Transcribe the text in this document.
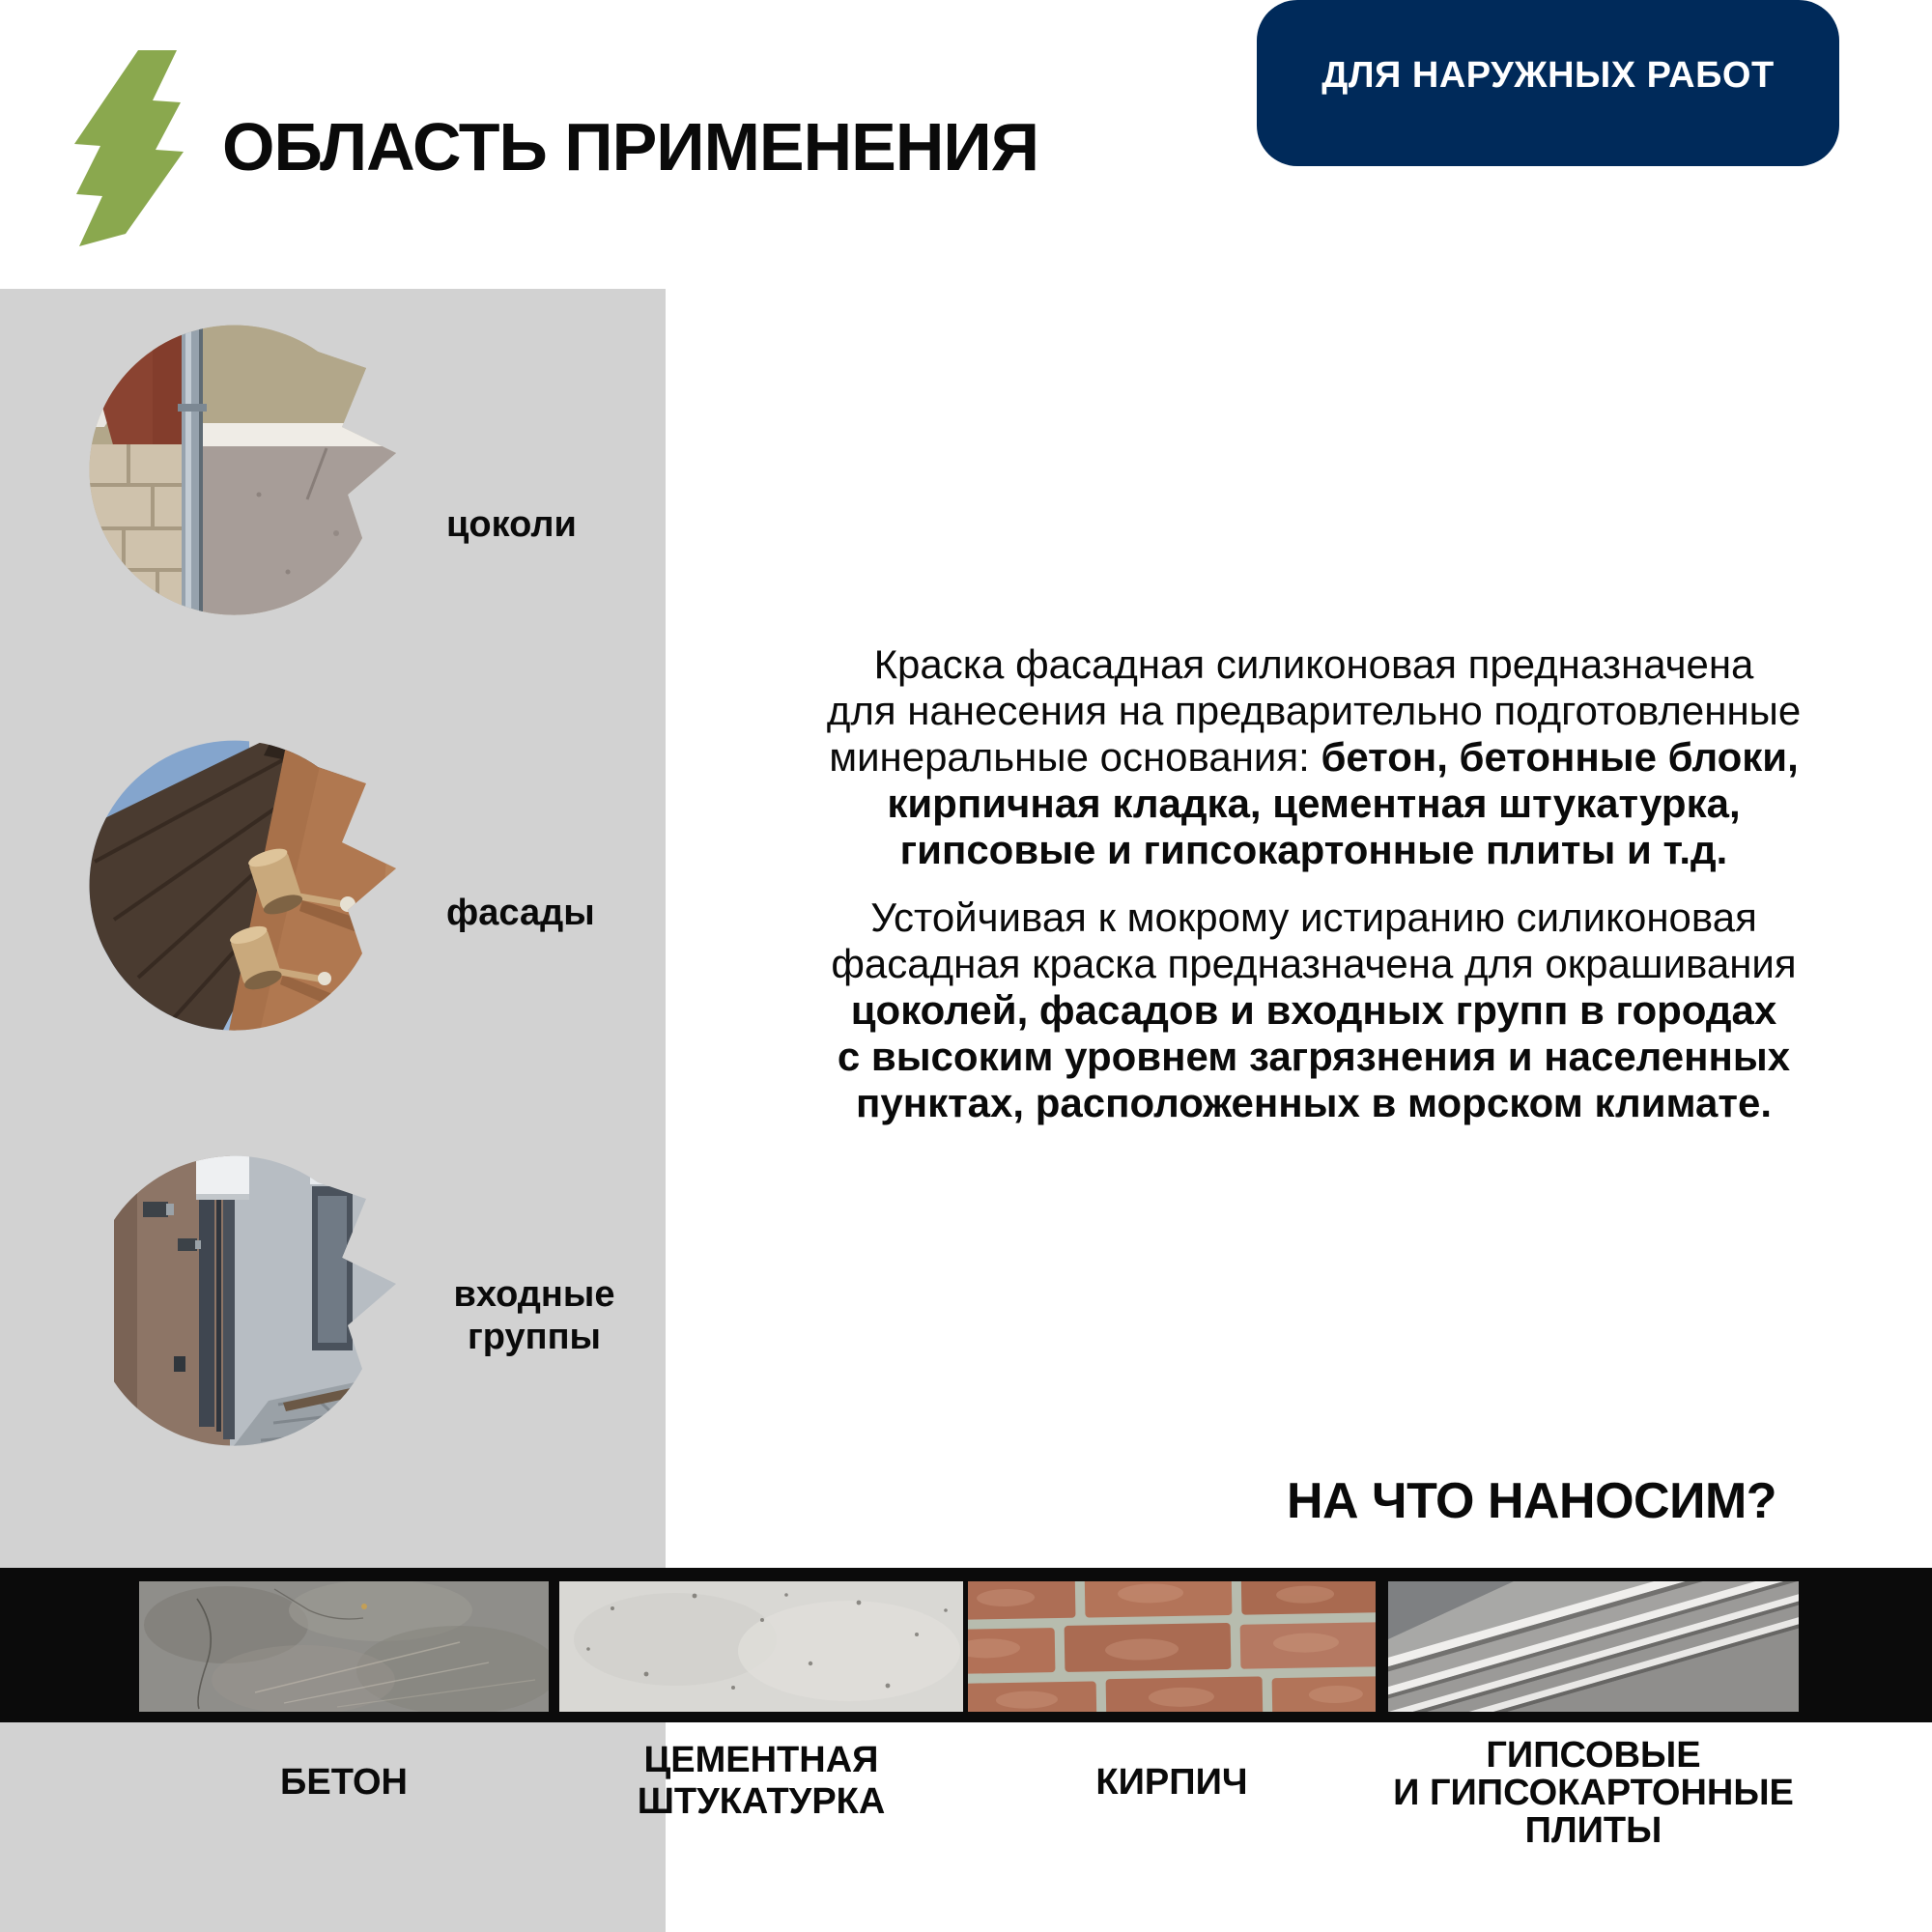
ОБЛАСТЬ ПРИМЕНЕНИЯ
ДЛЯ НАРУЖНЫХ РАБОТ
цоколи
фасады
входные
группы

Краска фасадная силиконовая предназначена
для нанесения на предварительно подготовленные
минеральные основания: бетон, бетонные блоки,
кирпичная кладка, цементная штукатурка,
гипсовые и гипсокартонные плиты и т.д.

Устойчивая к мокрому истиранию силиконовая
фасадная краска предназначена для окрашивания
цоколей, фасадов и входных групп в городах
с высоким уровнем загрязнения и населенных
пунктах, расположенных в морском климате.

НА ЧТО НАНОСИМ?
БЕТОН
ЦЕМЕНТНАЯ
ШТУКАТУРКА	КИРПИЧ
ГИПСОВЫЕ
И ГИПСОКАРТОННЫЕ
ПЛИТЫ
